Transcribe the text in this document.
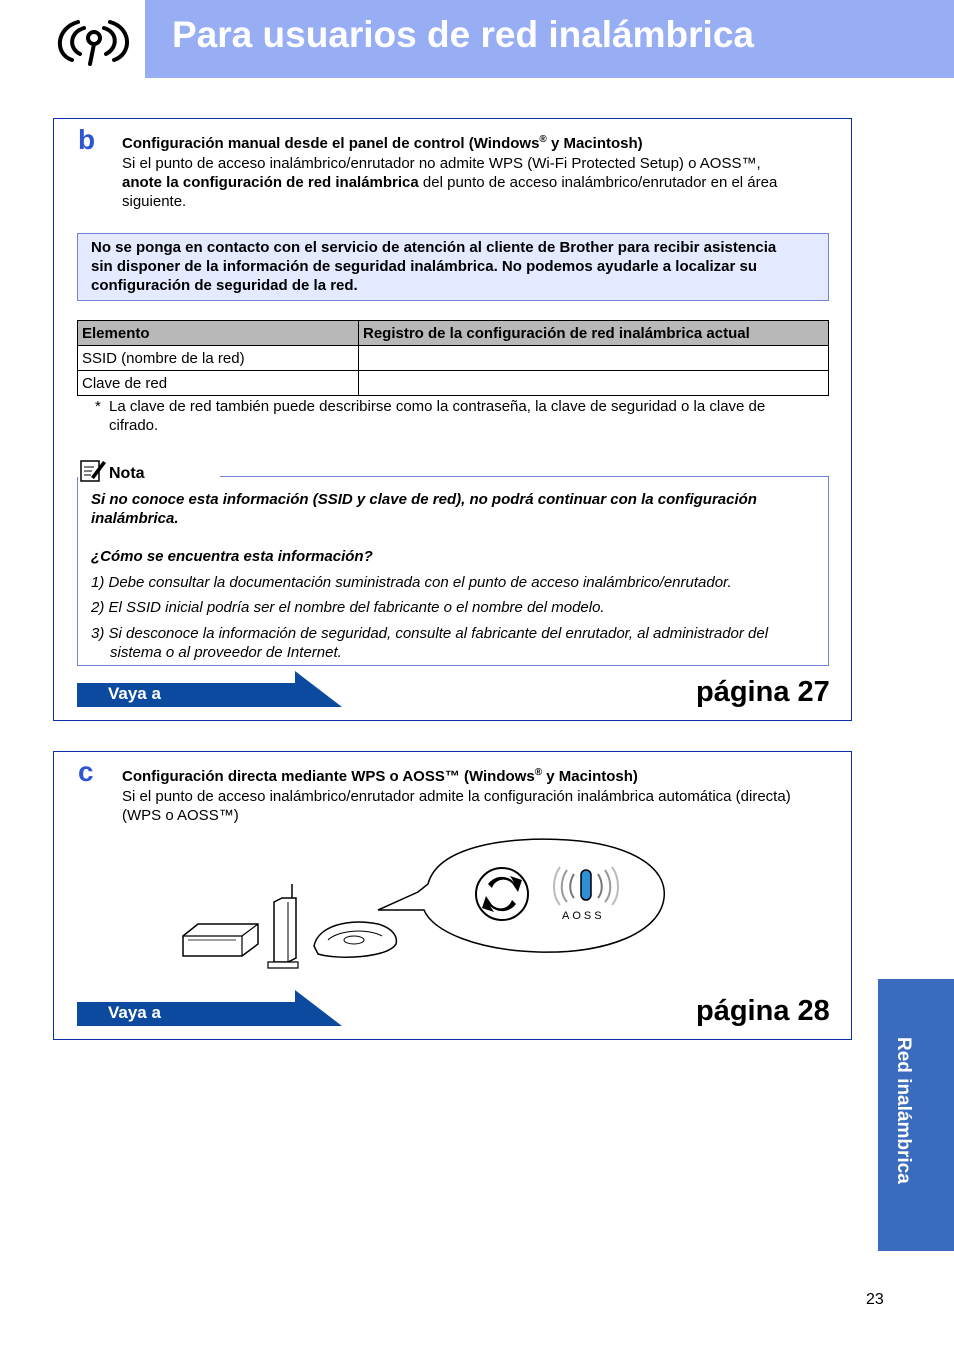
Para usuarios de red inalámbrica
b Configuración manual desde el panel de control (Windows® y Macintosh)
Si el punto de acceso inalámbrico/enrutador no admite WPS (Wi-Fi Protected Setup) o AOSS™,
anote la configuración de red inalámbrica del punto de acceso inalámbrico/enrutador en el área
siguiente.
No se ponga en contacto con el servicio de atención al cliente de Brother para recibir asistencia
sin disponer de la información de seguridad inalámbrica. No podemos ayudarle a localizar su
configuración de seguridad de la red.
Elemento	Registro de la configuración de red inalámbrica actual
SSID (nombre de la red)	
Clave de red	
* La clave de red también puede describirse como la contraseña, la clave de seguridad o la clave de
cifrado.
Nota
Si no conoce esta información (SSID y clave de red), no podrá continuar con la configuración
inalámbrica.
¿Cómo se encuentra esta información?
1) Debe consultar la documentación suministrada con el punto de acceso inalámbrico/enrutador.
2) El SSID inicial podría ser el nombre del fabricante o el nombre del modelo.
3) Si desconoce la información de seguridad, consulte al fabricante del enrutador, al administrador del
sistema o al proveedor de Internet.
Vaya a	página 27
c Configuración directa mediante WPS o AOSS™ (Windows® y Macintosh)
Si el punto de acceso inalámbrico/enrutador admite la configuración inalámbrica automática (directa)
(WPS o AOSS™)
AOSS
Vaya a	página 28
Red inalámbrica
23
